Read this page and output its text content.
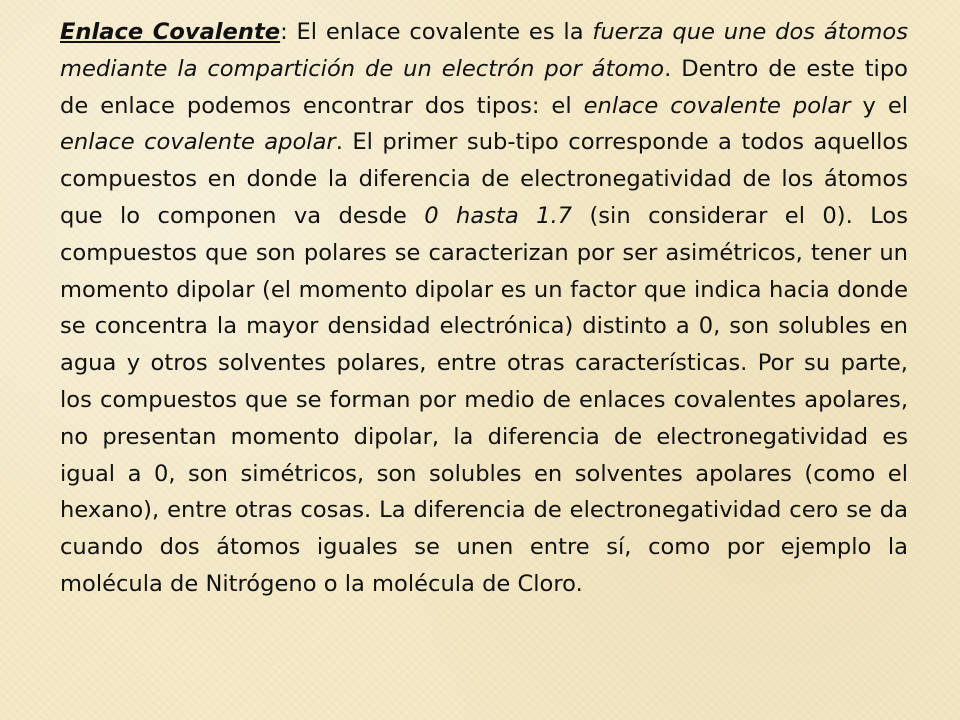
Enlace Covalente: El enlace covalente es la fuerza que une dos átomos mediante la compartición de un electrón por átomo. Dentro de este tipo de enlace podemos encontrar dos tipos: el enlace covalente polar y el enlace covalente apolar. El primer sub-tipo corresponde a todos aquellos compuestos en donde la diferencia de electronegatividad de los átomos que lo componen va desde 0 hasta 1.7 (sin considerar el 0). Los compuestos que son polares se caracterizan por ser asimétricos, tener un momento dipolar (el momento dipolar es un factor que indica hacia donde se concentra la mayor densidad electrónica) distinto a 0, son solubles en agua y otros solventes polares, entre otras características. Por su parte, los compuestos que se forman por medio de enlaces covalentes apolares, no presentan momento dipolar, la diferencia de electronegatividad es igual a 0, son simétricos, son solubles en solventes apolares (como el hexano), entre otras cosas. La diferencia de electronegatividad cero se da cuando dos átomos iguales se unen entre sí, como por ejemplo la molécula de Nitrógeno o la molécula de Cloro.
